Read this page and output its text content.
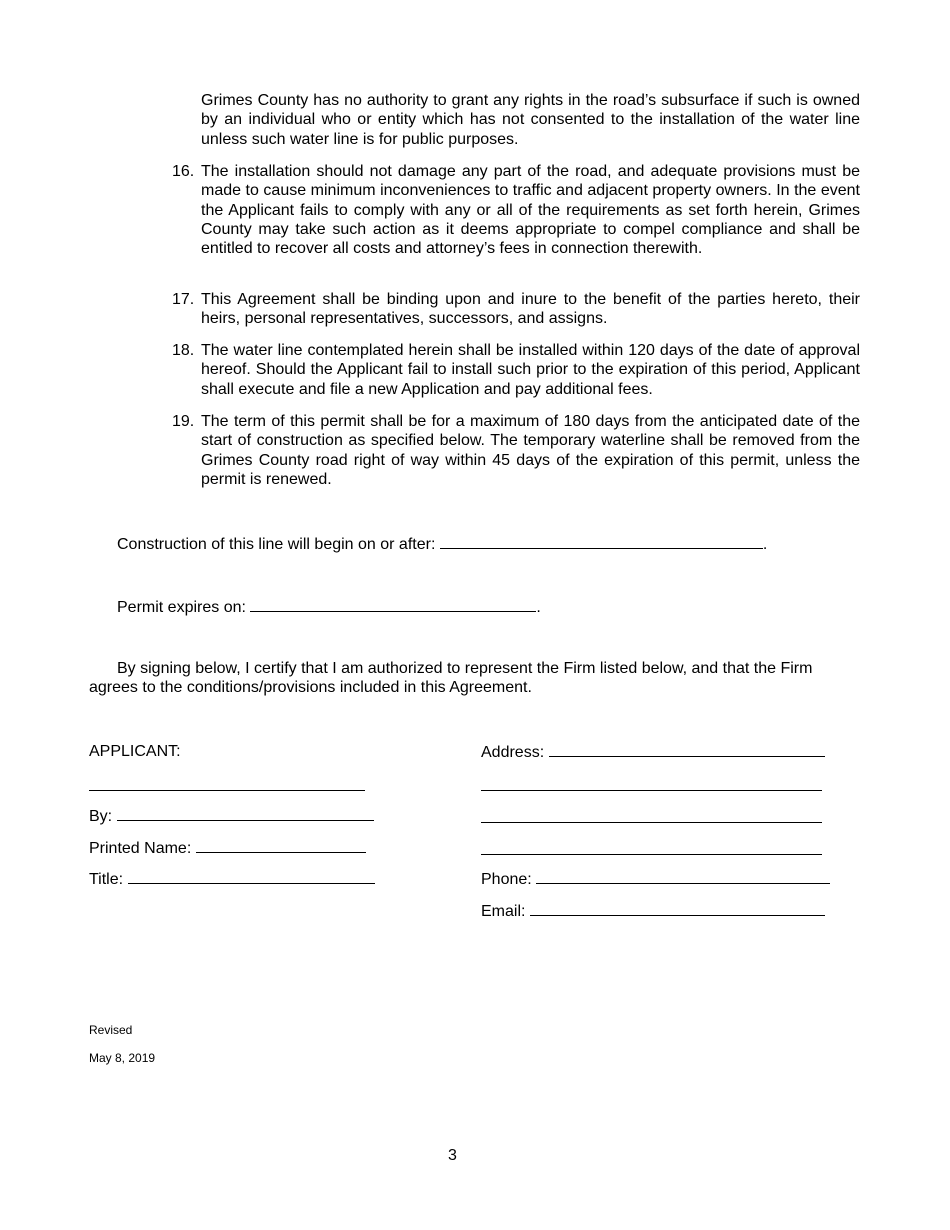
Grimes County has no authority to grant any rights in the road’s subsurface if such is owned by an individual who or entity which has not consented to the installation of the water line unless such water line is for public purposes.
16. The installation should not damage any part of the road, and adequate provisions must be made to cause minimum inconveniences to traffic and adjacent property owners. In the event the Applicant fails to comply with any or all of the requirements as set forth herein, Grimes County may take such action as it deems appropriate to compel compliance and shall be entitled to recover all costs and attorney’s fees in connection therewith.
17. This Agreement shall be binding upon and inure to the benefit of the parties hereto, their heirs, personal representatives, successors, and assigns.
18. The water line contemplated herein shall be installed within 120 days of the date of approval hereof. Should the Applicant fail to install such prior to the expiration of this period, Applicant shall execute and file a new Application and pay additional fees.
19. The term of this permit shall be for a maximum of 180 days from the anticipated date of the start of construction as specified below. The temporary waterline shall be removed from the Grimes County road right of way within 45 days of the expiration of this permit, unless the permit is renewed.
Construction of this line will begin on or after:	.
Permit expires on:	.
By signing below, I certify that I am authorized to represent the Firm listed below, and that the Firm agrees to the conditions/provisions included in this Agreement.
APPLICANT:
By:
Printed Name:
Title:
Address:
Phone:
Email:
Revised
May 8, 2019
3
